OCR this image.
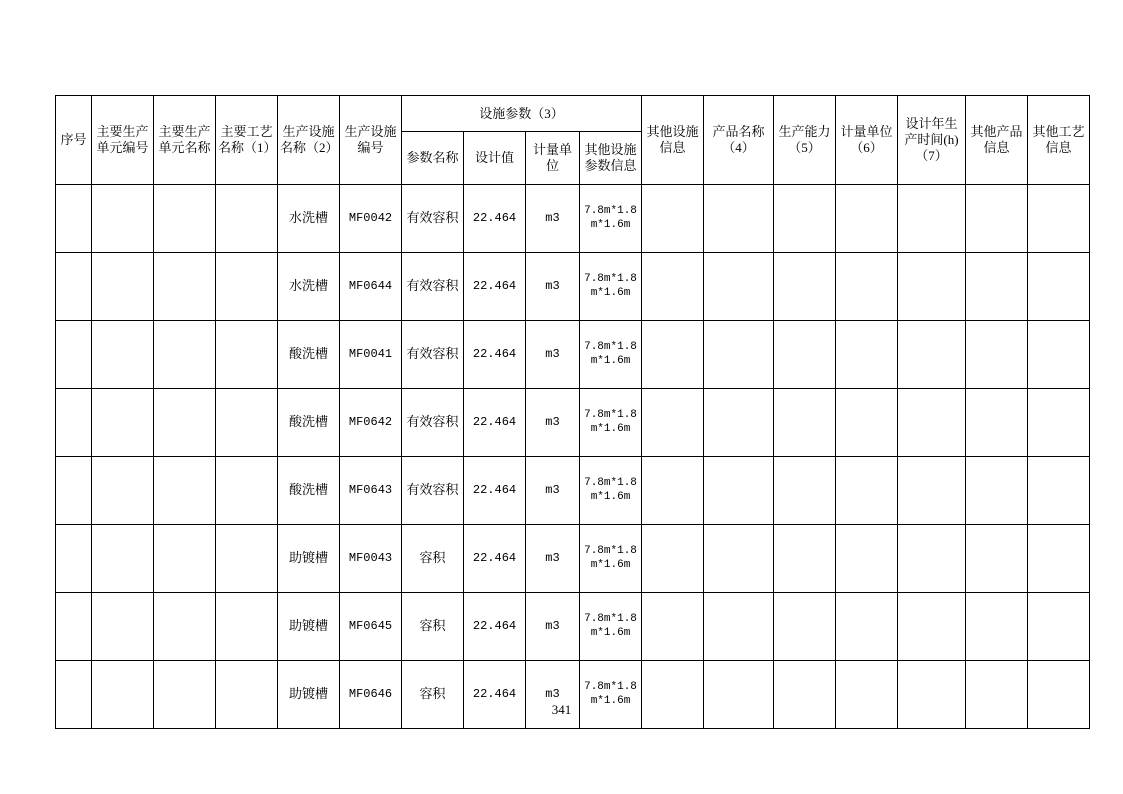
序号	主要生产单元编号	主要生产单元名称	主要工艺名称（1）	生产设施名称（2）	生产设施编号	设施参数（3）				其他设施信息	产品名称（4）	生产能力（5）	计量单位（6）	设计年生产时间(h)（7）	其他产品信息	其他工艺信息
						参数名称	设计值	计量单位	其他设施参数信息							
				水洗槽	MF0042	有效容积	22.464	m3	7.8m*1.8m*1.6m							
				水洗槽	MF0644	有效容积	22.464	m3	7.8m*1.8m*1.6m							
				酸洗槽	MF0041	有效容积	22.464	m3	7.8m*1.8m*1.6m							
				酸洗槽	MF0642	有效容积	22.464	m3	7.8m*1.8m*1.6m							
				酸洗槽	MF0643	有效容积	22.464	m3	7.8m*1.8m*1.6m							
				助镀槽	MF0043	容积	22.464	m3	7.8m*1.8m*1.6m							
				助镀槽	MF0645	容积	22.464	m3	7.8m*1.8m*1.6m							
				助镀槽	MF0646	容积	22.464	m3	7.8m*1.8m*1.6m							
341
